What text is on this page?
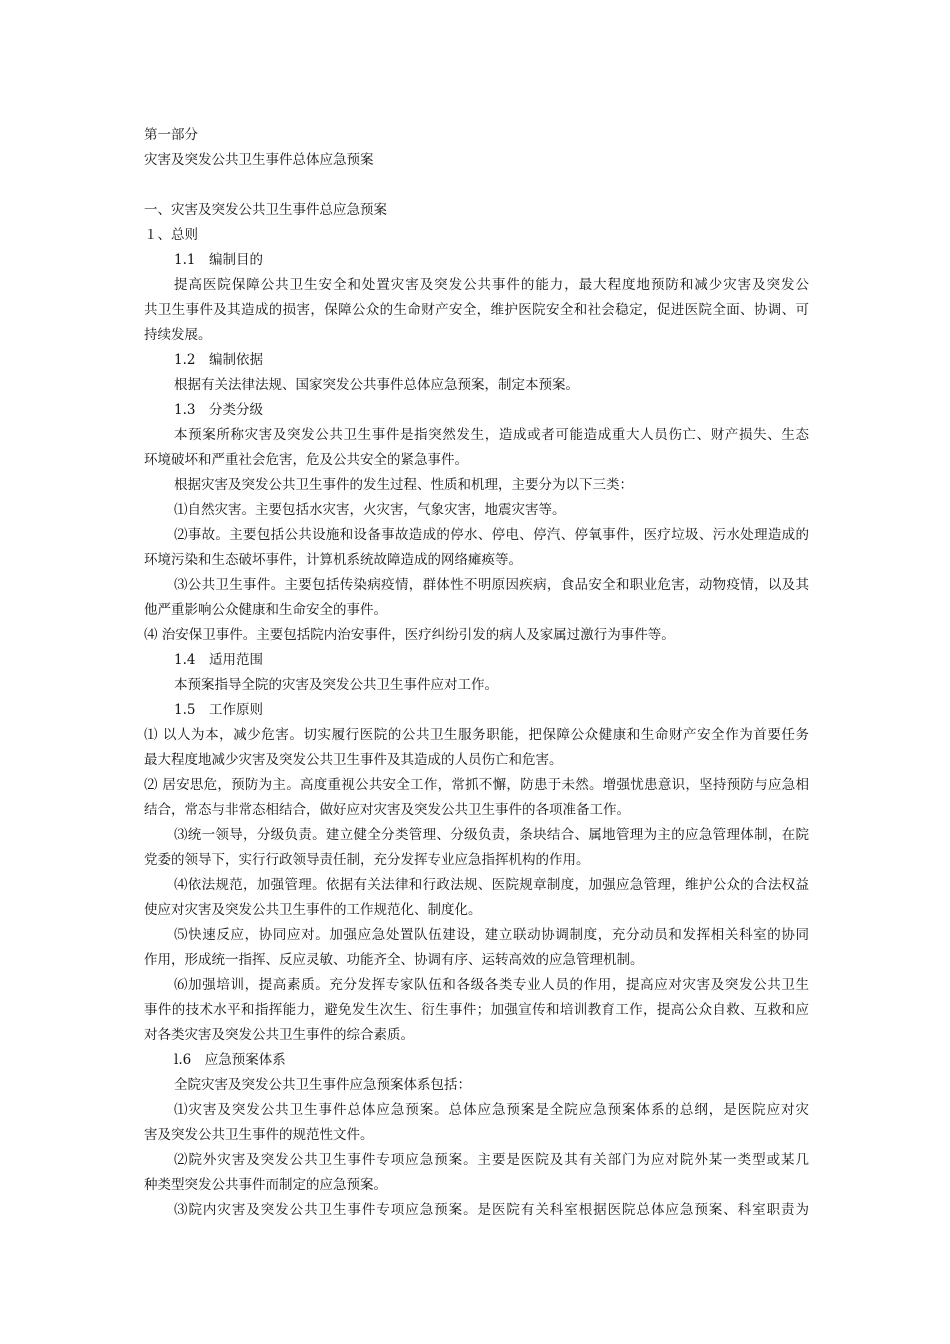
第一部分
灾害及突发公共卫生事件总体应急预案
一、灾害及突发公共卫生事件总应急预案
１、总则
1.1　编制目的
提高医院保障公共卫生安全和处置灾害及突发公共事件的能力，最大程度地预防和减少灾害及突发公
共卫生事件及其造成的损害，保障公众的生命财产安全，维护医院安全和社会稳定，促进医院全面、协调、可
持续发展。
1.2　编制依据
根据有关法律法规、国家突发公共事件总体应急预案，制定本预案。
1.3　分类分级
本预案所称灾害及突发公共卫生事件是指突然发生，造成或者可能造成重大人员伤亡、财产损失、生态
环境破坏和严重社会危害，危及公共安全的紧急事件。
根据灾害及突发公共卫生事件的发生过程、性质和机理，主要分为以下三类：
⑴自然灾害。主要包括水灾害，火灾害，气象灾害，地震灾害等。
⑵事故。主要包括公共设施和设备事故造成的停水、停电、停汽、停氧事件，医疗垃圾、污水处理造成的
环境污染和生态破坏事件，计算机系统故障造成的网络瘫痪等。
⑶公共卫生事件。主要包括传染病疫情，群体性不明原因疾病，食品安全和职业危害，动物疫情，以及其
他严重影响公众健康和生命安全的事件。
⑷ 治安保卫事件。主要包括院内治安事件，医疗纠纷引发的病人及家属过激行为事件等。
1.4　适用范围
本预案指导全院的灾害及突发公共卫生事件应对工作。
1.5　工作原则
⑴ 以人为本，减少危害。切实履行医院的公共卫生服务职能，把保障公众健康和生命财产安全作为首要任务
最大程度地减少灾害及突发公共卫生事件及其造成的人员伤亡和危害。
⑵ 居安思危，预防为主。高度重视公共安全工作，常抓不懈，防患于未然。增强忧患意识，坚持预防与应急相
结合，常态与非常态相结合，做好应对灾害及突发公共卫生事件的各项准备工作。
⑶统一领导，分级负责。建立健全分类管理、分级负责，条块结合、属地管理为主的应急管理体制，在院
党委的领导下，实行行政领导责任制，充分发挥专业应急指挥机构的作用。
⑷依法规范，加强管理。依据有关法律和行政法规、医院规章制度，加强应急管理，维护公众的合法权益
使应对灾害及突发公共卫生事件的工作规范化、制度化。
⑸快速反应，协同应对。加强应急处置队伍建设，建立联动协调制度，充分动员和发挥相关科室的协同
作用，形成统一指挥、反应灵敏、功能齐全、协调有序、运转高效的应急管理机制。
⑹加强培训，提高素质。充分发挥专家队伍和各级各类专业人员的作用，提高应对灾害及突发公共卫生
事件的技术水平和指挥能力，避免发生次生、衍生事件；加强宣传和培训教育工作，提高公众自救、互救和应
对各类灾害及突发公共卫生事件的综合素质。
l.6　应急预案体系
全院灾害及突发公共卫生事件应急预案体系包括：
⑴灾害及突发公共卫生事件总体应急预案。总体应急预案是全院应急预案体系的总纲，是医院应对灾
害及突发公共卫生事件的规范性文件。
⑵院外灾害及突发公共卫生事件专项应急预案。主要是医院及其有关部门为应对院外某一类型或某几
种类型突发公共事件而制定的应急预案。
⑶院内灾害及突发公共卫生事件专项应急预案。是医院有关科室根据医院总体应急预案、科室职责为
